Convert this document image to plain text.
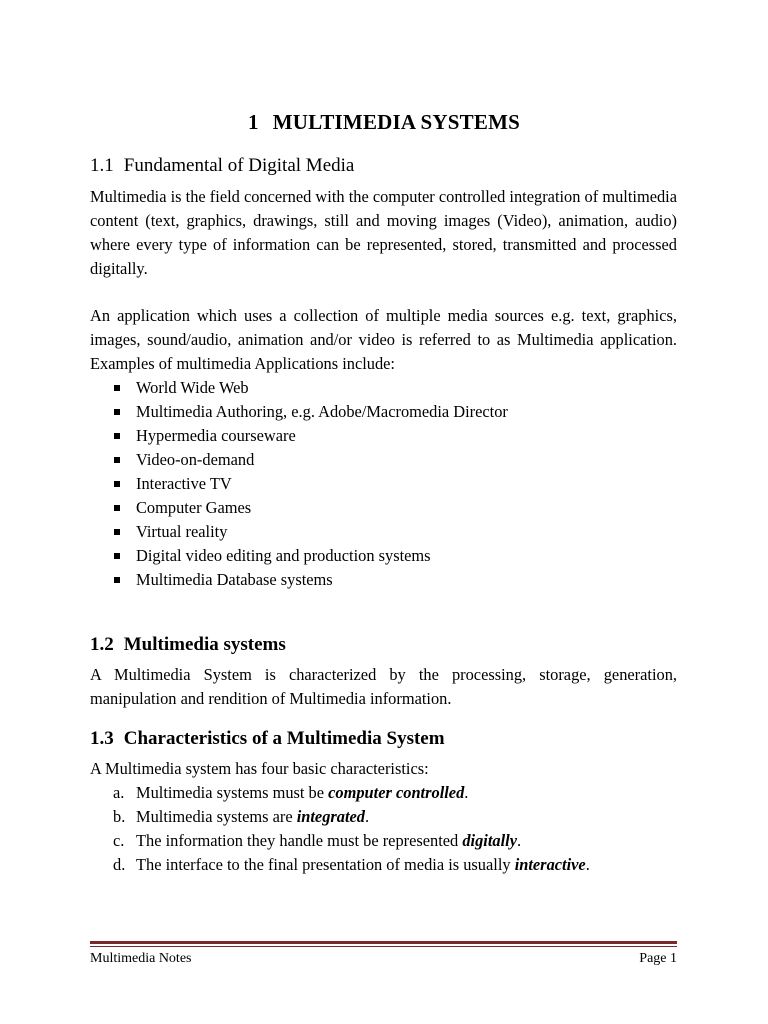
1 MULTIMEDIA SYSTEMS
1.1 Fundamental of Digital Media
Multimedia is the field concerned with the computer controlled integration of multimedia content (text, graphics, drawings, still and moving images (Video), animation, audio) where every type of information can be represented, stored, transmitted and processed digitally.
An application which uses a collection of multiple media sources e.g. text, graphics, images, sound/audio, animation and/or video is referred to as Multimedia application. Examples of multimedia Applications include:
World Wide Web
Multimedia Authoring, e.g. Adobe/Macromedia Director
Hypermedia courseware
Video-on-demand
Interactive TV
Computer Games
Virtual reality
Digital video editing and production systems
Multimedia Database systems
1.2 Multimedia systems
A Multimedia System is characterized by the processing, storage, generation, manipulation and rendition of Multimedia information.
1.3 Characteristics of a Multimedia System
A Multimedia system has four basic characteristics:
a. Multimedia systems must be computer controlled.
b. Multimedia systems are integrated.
c. The information they handle must be represented digitally.
d. The interface to the final presentation of media is usually interactive.
Multimedia Notes	Page 1
